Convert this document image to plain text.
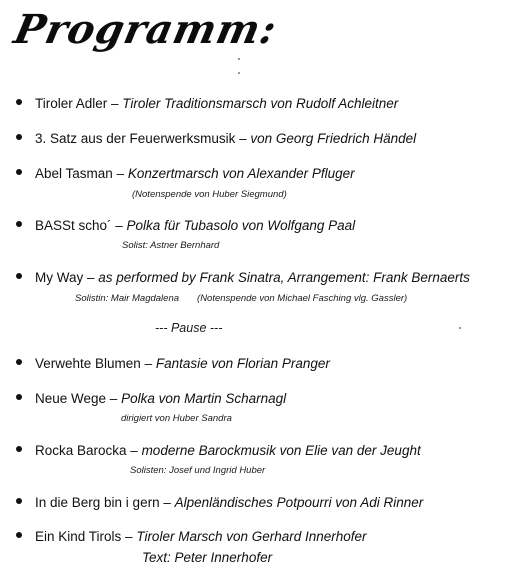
Programm:
Tiroler Adler – Tiroler Traditionsmarsch von Rudolf Achleitner
3. Satz aus der Feuerwerksmusik – von Georg Friedrich Händel
Abel Tasman – Konzertmarsch von Alexander Pfluger
(Notenspende von Huber Siegmund)
BASSt scho´ – Polka für Tubasolo von Wolfgang Paal
Solist: Astner Bernhard
My Way – as performed by Frank Sinatra, Arrangement: Frank Bernaerts
Solistin: Mair Magdalena (Notenspende von Michael Fasching vlg. Gassler)
--- Pause ---
Verwehte Blumen – Fantasie von Florian Pranger
Neue Wege – Polka von Martin Scharnagl
dirigiert von Huber Sandra
Rocka Barocka – moderne Barockmusik von Elie van der Jeught
Solisten: Josef und Ingrid Huber
In die Berg bin i gern – Alpenländisches Potpourri von Adi Rinner
Ein Kind Tirols – Tiroler Marsch von Gerhard Innerhofer
Text: Peter Innerhofer
